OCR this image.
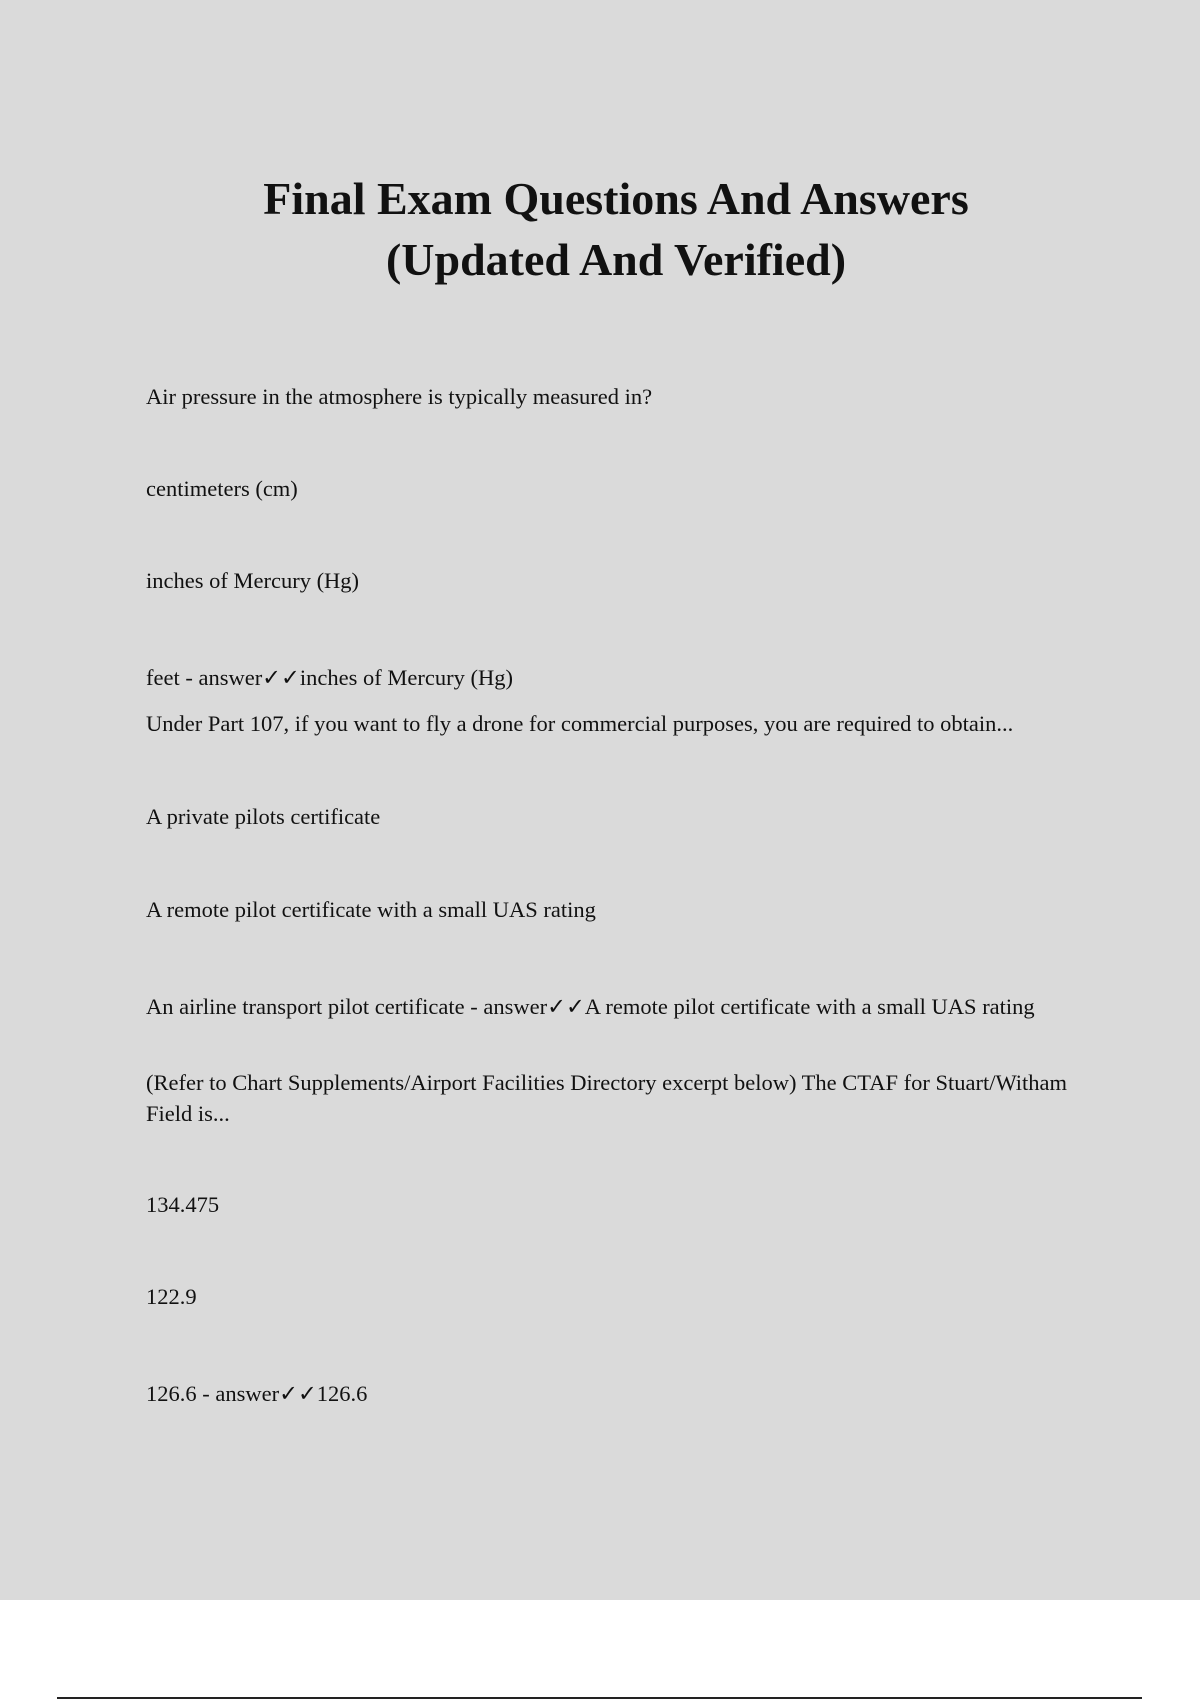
Final Exam Questions And Answers
(Updated And Verified)

Air pressure in the atmosphere is typically measured in?

centimeters (cm)

inches of Mercury (Hg)

feet - answer✓✓inches of Mercury (Hg)

Under Part 107, if you want to fly a drone for commercial purposes, you are required to obtain...

A private pilots certificate

A remote pilot certificate with a small UAS rating

An airline transport pilot certificate - answer✓✓A remote pilot certificate with a small UAS rating

(Refer to Chart Supplements/Airport Facilities Directory excerpt below) The CTAF for Stuart/Witham Field is...

134.475

122.9

126.6 - answer✓✓126.6
